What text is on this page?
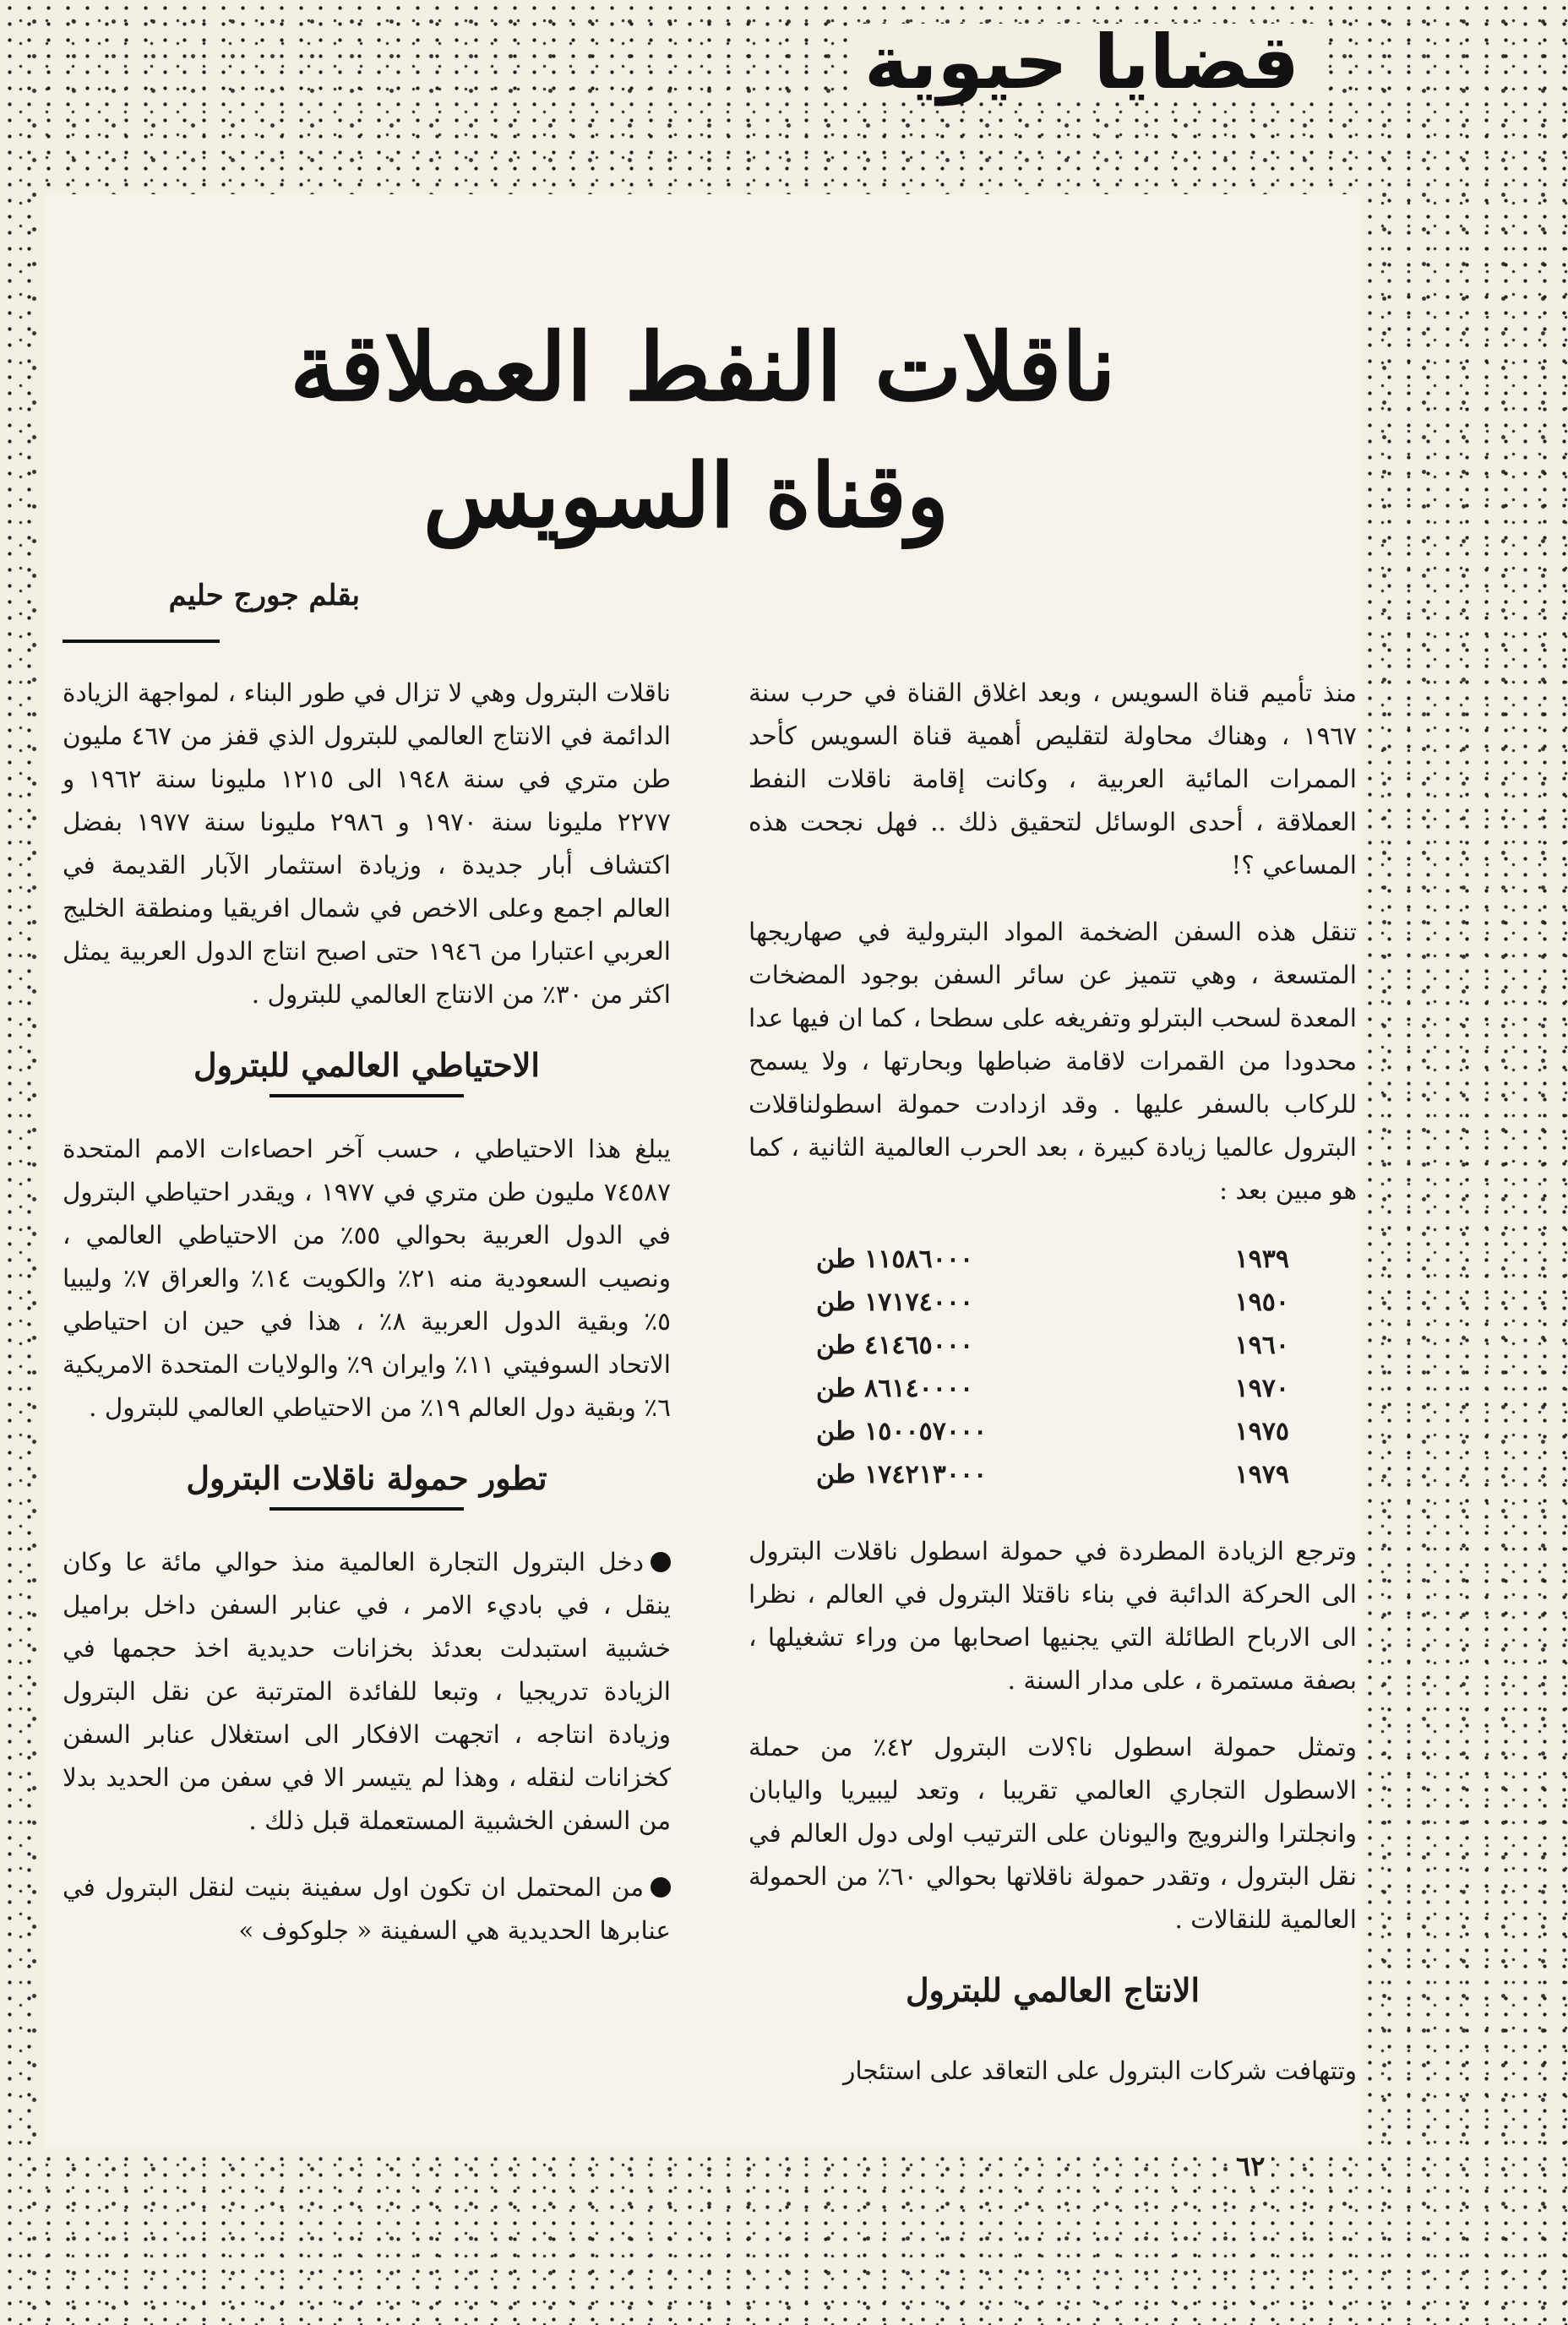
قضايا حيوية
ناقلات النفط العملاقة
وقناة السويس

بقلم جورج حليم

منذ تأميم قناة السويس ، وبعد اغلاق القناة في حرب سنة ١٩٦٧ ، وهناك محاولة لتقليص أهمية قناة السويس كأحد الممرات المائية العربية ، وكانت إقامة ناقلات النفط العملاقة ، أحدى الوسائل لتحقيق ذلك .. فهل نجحت هذه المساعي ؟!

تنقل هذه السفن الضخمة المواد البترولية في صهاريجها المتسعة ، وهي تتميز عن سائر السفن بوجود المضخات المعدة لسحب البترلو وتفريغه على سطحا ، كما ان فيها عدا محدودا من القمرات لاقامة ضباطها وبحارتها ، ولا يسمح للركاب بالسفر عليها . وقد ازدادت حمولة اسطولناقلات البترول عالميا زيادة كبيرة ، بعد الحرب العالمية الثانية ، كما هو مبين بعد :

١٩٣٩	١١٥٨٦٠٠٠ طن
١٩٥٠	١٧١٧٤٠٠٠ طن
١٩٦٠	٤١٤٦٥٠٠٠ طن
١٩٧٠	٨٦١٤٠٠٠٠ طن
١٩٧٥	١٥٠٠٥٧٠٠٠ طن
١٩٧٩	١٧٤٢١٣٠٠٠ طن

وترجع الزيادة المطردة في حمولة اسطول ناقلات البترول الى الحركة الدائبة في بناء ناقتلا البترول في العالم ، نظرا الى الارباح الطائلة التي يجنيها اصحابها من وراء تشغيلها ، بصفة مستمرة ، على مدار السنة .

وتمثل حمولة اسطول نا؟لات البترول ٤٢٪ من حملة الاسطول التجاري العالمي تقريبا ، وتعد ليبيريا واليابان وانجلترا والنرويج واليونان على الترتيب اولى دول العالم في نقل البترول ، وتقدر حمولة ناقلاتها بحوالي ٦٠٪ من الحمولة العالمية للنقالات .

الانتاج العالمي للبترول

وتتهافت شركات البترول على التعاقد على استئجار

ناقلات البترول وهي لا تزال في طور البناء ، لمواجهة الزيادة الدائمة في الانتاج العالمي للبترول الذي قفز من ٤٦٧ مليون طن متري في سنة ١٩٤٨ الى ١٢١٥ مليونا سنة ١٩٦٢ و ٢٢٧٧ مليونا سنة ١٩٧٠ و ٢٩٨٦ مليونا سنة ١٩٧٧ بفضل اكتشاف أبار جديدة ، وزيادة استثمار الآبار القديمة في العالم اجمع وعلى الاخص في شمال افريقيا ومنطقة الخليج العربي اعتبارا من ١٩٤٦ حتى اصبح انتاج الدول العربية يمثل اكثر من ٣٠٪ من الانتاج العالمي للبترول .

الاحتياطي العالمي للبترول

يبلغ هذا الاحتياطي ، حسب آخر احصاءات الامم المتحدة ٧٤٥٨٧ مليون طن متري في ١٩٧٧ ، ويقدر احتياطي البترول في الدول العربية بحوالي ٥٥٪ من الاحتياطي العالمي ، ونصيب السعودية منه ٢١٪ والكويت ١٤٪ والعراق ٧٪ وليبيا ٥٪ وبقية الدول العربية ٨٪ ، هذا في حين ان احتياطي الاتحاد السوفيتي ١١٪ وايران ٩٪ والولايات المتحدة الامريكية ٦٪ وبقية دول العالم ١٩٪ من الاحتياطي العالمي للبترول .

تطور حمولة ناقلات البترول

دخل البترول التجارة العالمية منذ حوالي مائة عا وكان ينقل ، في باديء الامر ، في عنابر السفن داخل براميل خشبية استبدلت بعدئذ بخزانات حديدية اخذ حجمها في الزيادة تدريجيا ، وتبعا للفائدة المترتبة عن نقل البترول وزيادة انتاجه ، اتجهت الافكار الى استغلال عنابر السفن كخزانات لنقله ، وهذا لم يتيسر الا في سفن من الحديد بدلا من السفن الخشبية المستعملة قبل ذلك .

من المحتمل ان تكون اول سفينة بنيت لنقل البترول في عنابرها الحديدية هي السفينة « جلوكوف »

٦٢
